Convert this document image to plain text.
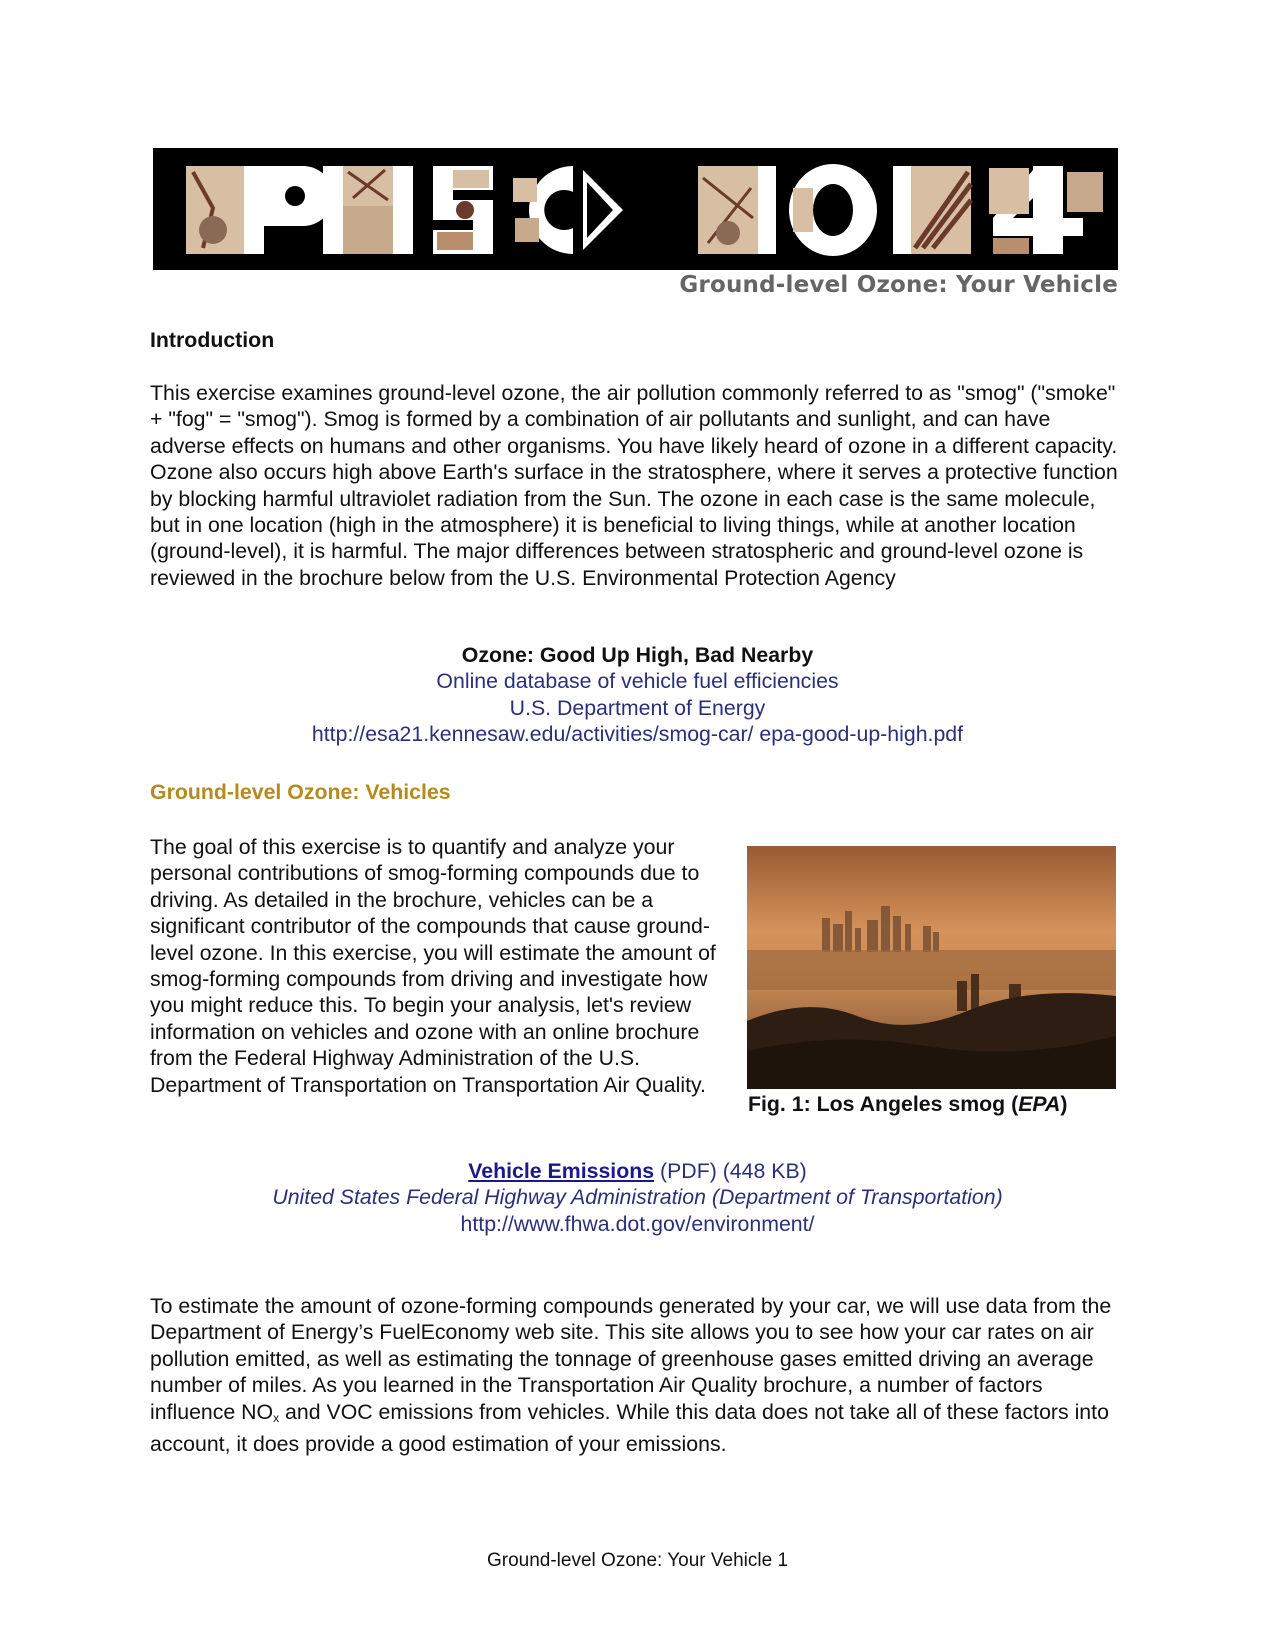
Ground-level Ozone: Your Vehicle
Introduction

This exercise examines ground-level ozone, the air pollution commonly referred to as "smog" ("smoke" + "fog" = "smog"). Smog is formed by a combination of air pollutants and sunlight, and can have adverse effects on humans and other organisms. You have likely heard of ozone in a different capacity. Ozone also occurs high above Earth's surface in the stratosphere, where it serves a protective function by blocking harmful ultraviolet radiation from the Sun. The ozone in each case is the same molecule, but in one location (high in the atmosphere) it is beneficial to living things, while at another location (ground-level), it is harmful. The major differences between stratospheric and ground-level ozone is reviewed in the brochure below from the U.S. Environmental Protection Agency

Ozone: Good Up High, Bad Nearby
Online database of vehicle fuel efficiencies
U.S. Department of Energy
http://esa21.kennesaw.edu/activities/smog-car/ epa-good-up-high.pdf
Ground-level Ozone: Vehicles

The goal of this exercise is to quantify and analyze your personal contributions of smog-forming compounds due to driving. As detailed in the brochure, vehicles can be a significant contributor of the compounds that cause ground-level ozone. In this exercise, you will estimate the amount of smog-forming compounds from driving and investigate how you might reduce this. To begin your analysis, let's review information on vehicles and ozone with an online brochure from the Federal Highway Administration of the U.S. Department of Transportation on Transportation Air Quality.

Fig. 1: Los Angeles smog (EPA)
Vehicle Emissions (PDF) (448 KB)
United States Federal Highway Administration (Department of Transportation)
http://www.fhwa.dot.gov/environment/

To estimate the amount of ozone-forming compounds generated by your car, we will use data from the Department of Energy’s FuelEconomy web site. This site allows you to see how your car rates on air pollution emitted, as well as estimating the tonnage of greenhouse gases emitted driving an average number of miles. As you learned in the Transportation Air Quality brochure, a number of factors influence $NO_x$ and VOC emissions from vehicles. While this data does not take all of these factors into account, it does provide a good estimation of your emissions.

Ground-level Ozone: Your Vehicle 1
